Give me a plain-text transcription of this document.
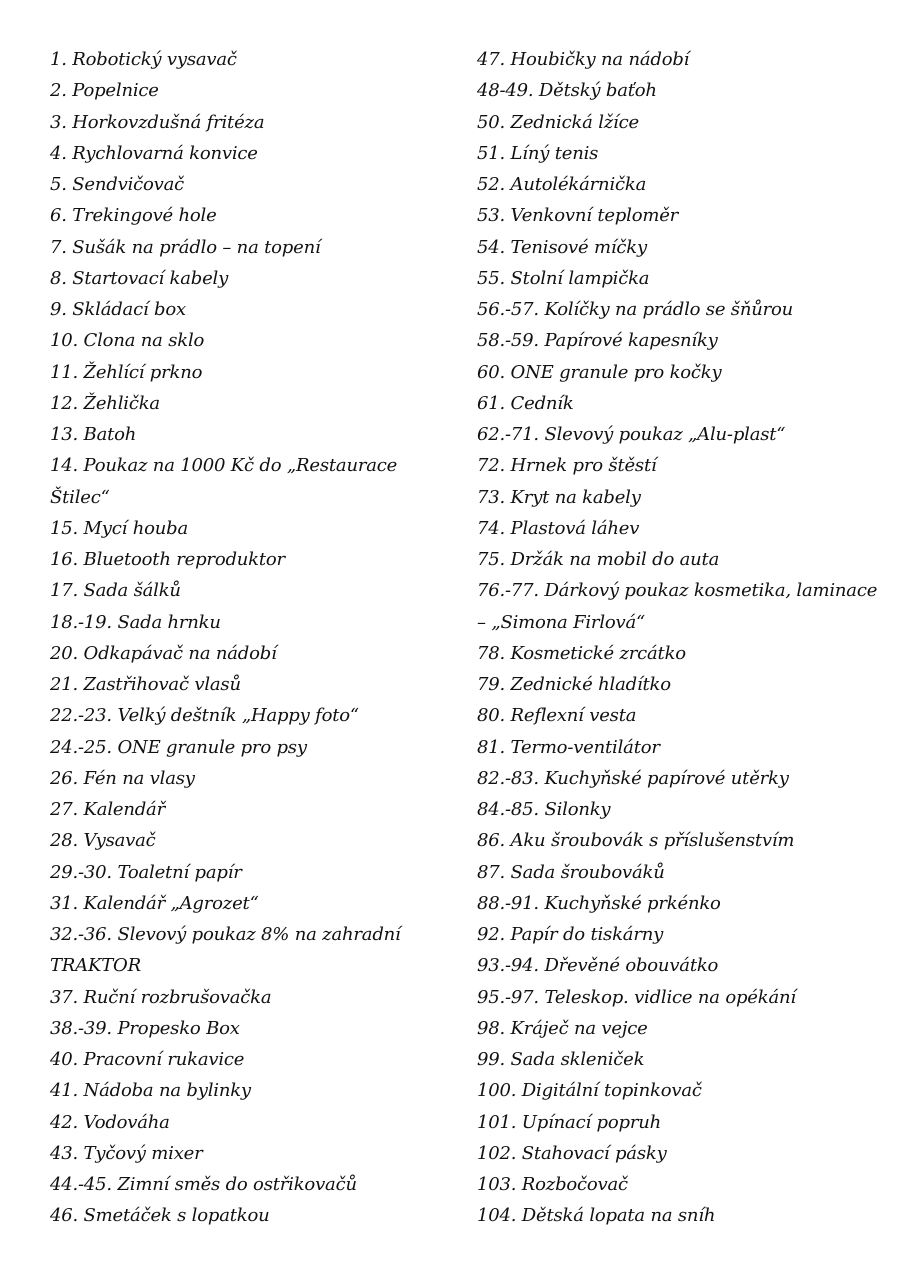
1. Robotický vysavač
2. Popelnice
3. Horkovzdušná fritéza
4. Rychlovarná konvice
5. Sendvičovač
6. Trekingové hole
7. Sušák na prádlo – na topení
8. Startovací kabely
9. Skládací box
10. Clona na sklo
11. Žehlící prkno
12. Žehlička
13. Batoh
14. Poukaz na 1000 Kč do „Restaurace
Štilec“
15. Mycí houba
16. Bluetooth reproduktor
17. Sada šálků
18.-19. Sada hrnku
20. Odkapávač na nádobí
21. Zastřihovač vlasů
22.-23. Velký deštník „Happy foto“
24.-25. ONE granule pro psy
26. Fén na vlasy
27. Kalendář
28. Vysavač
29.-30. Toaletní papír
31. Kalendář „Agrozet“
32.-36. Slevový poukaz 8% na zahradní
TRAKTOR
37. Ruční rozbrušovačka
38.-39. Propesko Box
40. Pracovní rukavice
41. Nádoba na bylinky
42. Vodováha
43. Tyčový mixer
44.-45. Zimní směs do ostřikovačů
46. Smetáček s lopatkou
47. Houbičky na nádobí
48-49. Dětský baťoh
50. Zednická lžíce
51. Líný tenis
52. Autolékárnička
53. Venkovní teploměr
54. Tenisové míčky
55. Stolní lampička
56.-57. Kolíčky na prádlo se šňůrou
58.-59. Papírové kapesníky
60. ONE granule pro kočky
61. Cedník
62.-71. Slevový poukaz „Alu-plast“
72. Hrnek pro štěstí
73. Kryt na kabely
74. Plastová láhev
75. Držák na mobil do auta
76.-77. Dárkový poukaz kosmetika, laminace
– „Simona Firlová“
78. Kosmetické zrcátko
79. Zednické hladítko
80. Reflexní vesta
81. Termo-ventilátor
82.-83. Kuchyňské papírové utěrky
84.-85. Silonky
86. Aku šroubovák s příslušenstvím
87. Sada šroubováků
88.-91. Kuchyňské prkénko
92. Papír do tiskárny
93.-94. Dřevěné obouvátko
95.-97. Teleskop. vidlice na opékání
98. Kráječ na vejce
99. Sada skleniček
100. Digitální topinkovač
101. Upínací popruh
102. Stahovací pásky
103. Rozbočovač
104. Dětská lopata na sníh
